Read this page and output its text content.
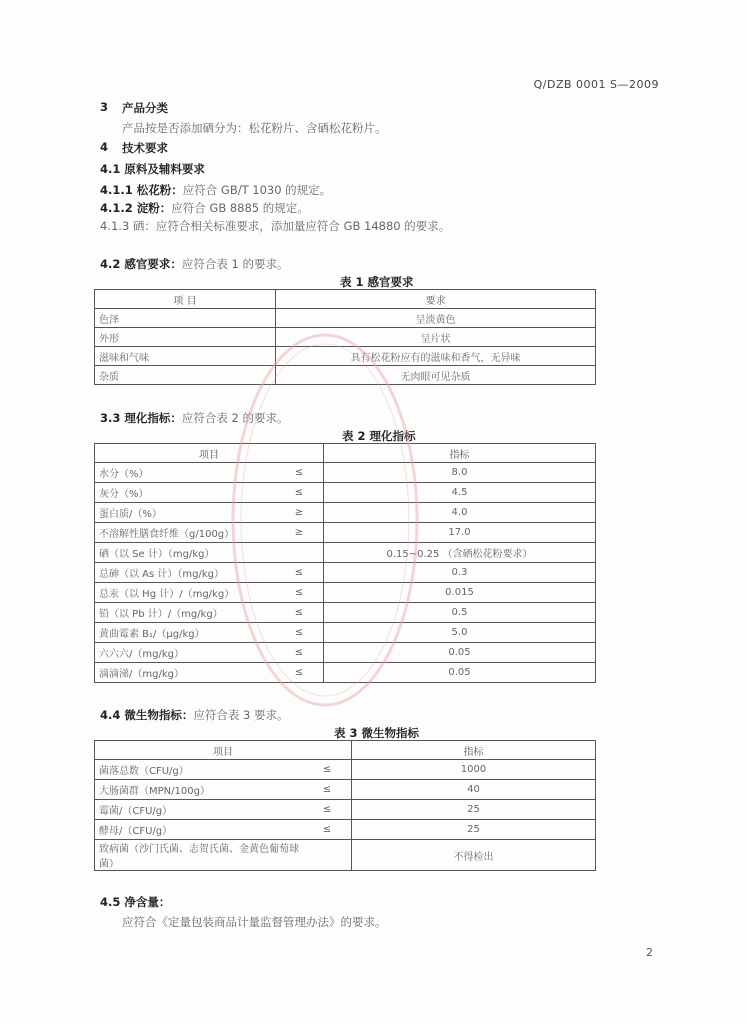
Q/DZB 0001 S—2009
3 产品分类
产品按是否添加硒分为：松花粉片、含硒松花粉片。
4 技术要求
4.1 原料及辅料要求
4.1.1 松花粉：应符合 GB/T 1030 的规定。
4.1.2 淀粉：应符合 GB 8885 的规定。
4.1.3 硒：应符合相关标准要求，添加量应符合 GB 14880 的要求。
4.2 感官要求：应符合表 1 的要求。
表 1 感官要求
项 目	要求
色泽	呈淡黄色
外形	呈片状
滋味和气味	具有松花粉应有的滋味和香气，无异味
杂质	无肉眼可见杂质
3.3 理化指标：应符合表 2 的要求。
表 2 理化指标
项目		指标
水分（%）	≤	8.0
灰分（%）	≤	4.5
蛋白质/（%）	≥	4.0
不溶解性膳食纤维（g/100g）	≥	17.0
硒（以 Se 计）（mg/kg）		0.15~0.25 （含硒松花粉要求）
总砷（以 As 计）（mg/kg）	≤	0.3
总汞（以 Hg 计）/（mg/kg）	≤	0.015
铅（以 Pb 计）/（mg/kg）	≤	0.5
黄曲霉素 B₁/（μg/kg）	≤	5.0
六六六/（mg/kg）	≤	0.05
滴滴涕/（mg/kg）	≤	0.05
4.4 微生物指标：应符合表 3 要求。
表 3 微生物指标
项目		指标
菌落总数（CFU/g）	≤	1000
大肠菌群（MPN/100g）	≤	40
霉菌/（CFU/g）	≤	25
酵母/（CFU/g）	≤	25
致病菌（沙门氏菌、志贺氏菌、金黄色葡萄球菌）		不得检出
4.5 净含量：
应符合《定量包装商品计量监督管理办法》的要求。
2
